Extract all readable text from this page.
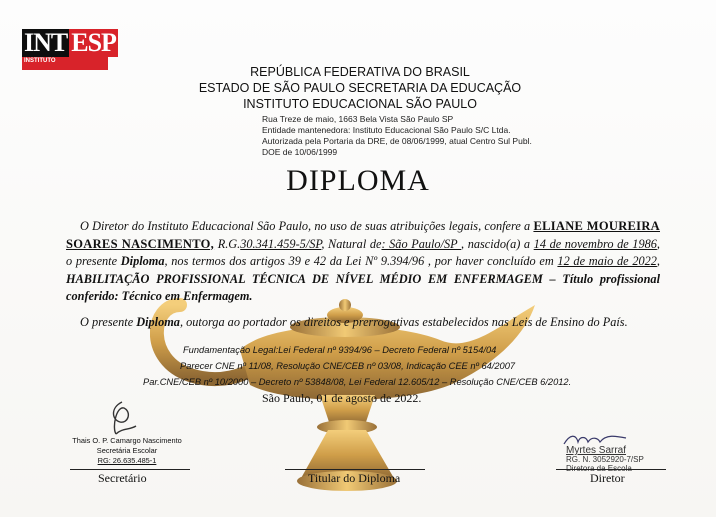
INT ESP
INSTITUTO
REPÚBLICA FEDERATIVA DO BRASIL
ESTADO DE SÃO PAULO SECRETARIA DA EDUCAÇÃO
INSTITUTO EDUCACIONAL SÃO PAULO
Rua Treze de maio, 1663 Bela Vista São Paulo SP
Entidade mantenedora: Instituto Educacional São Paulo S/C Ltda.
Autorizada pela Portaria da DRE, de 08/06/1999, atual Centro Sul Publ. DOE de 10/06/1999
DIPLOMA
O Diretor do Instituto Educacional São Paulo, no uso de suas atribuições legais, confere a ELIANE MOUREIRA SOARES NASCIMENTO, R.G.30.341.459-5/SP, Natural de: São Paulo/SP , nascido(a) a 14 de novembro de 1986, o presente Diploma, nos termos dos artigos 39 e 42 da Lei Nº 9.394/96 , por haver concluído em 12 de maio de 2022, HABILITAÇÃO PROFISSIONAL TÉCNICA DE NÍVEL MÉDIO EM ENFERMAGEM – Título profissional conferido: Técnico em Enfermagem.
O presente Diploma, outorga ao portador os direitos e prerrogativas estabelecidos nas Leis de Ensino do País.
Fundamentação Legal:Lei Federal nº 9394/96 – Decreto Federal nº 5154/04
Parecer CNE nº 11/08, Resolução CNE/CEB nº 03/08, Indicação CEE nº 64/2007
Par.CNE/CEB nº 10/2000 – Decreto nº 53848/08, Lei Federal 12.605/12 – Resolução CNE/CEB 6/2012.
São Paulo, 01 de agosto de 2022.
Thais O. P. Camargo Nascimento
Secretária Escolar
RG: 26.635.485-1
Myrtes Sarraf
RG. N. 3052920-7/SP
Secretário	Titular do Diploma	Diretor
